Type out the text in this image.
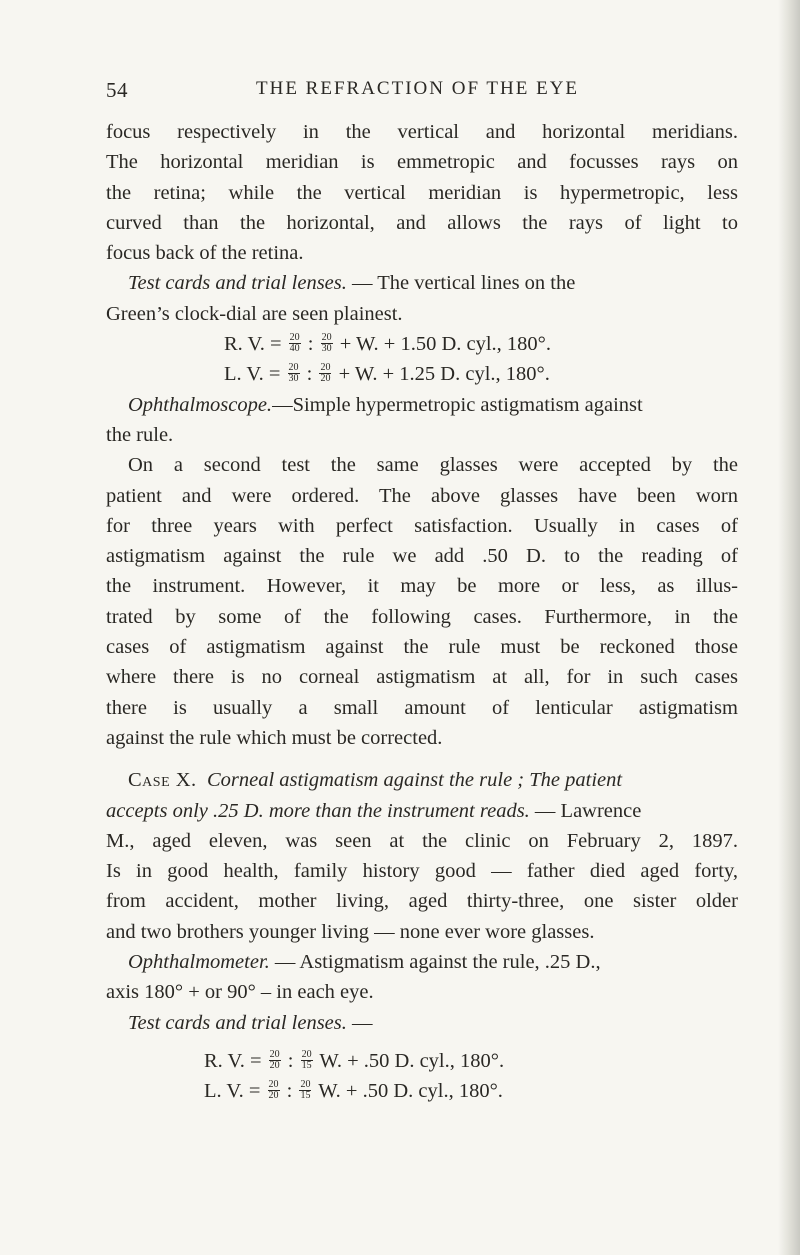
54	THE REFRACTION OF THE EYE
focus respectively in the vertical and horizontal meridians.
The horizontal meridian is emmetropic and focusses rays on
the retina; while the vertical meridian is hypermetropic, less
curved than the horizontal, and allows the rays of light to
focus back of the retina.
Test cards and trial lenses. — The vertical lines on the
Green’s clock-dial are seen plainest.
R. V. = $\frac{20}{40}$ : $\frac{20}{30} + W$. + 1.50 D. cyl., 180°.
L. V. = $\frac{20}{30}$ : $\frac{20}{20} + W$. + 1.25 D. cyl., 180°.
Ophthalmoscope.—Simple hypermetropic astigmatism against
the rule.
On a second test the same glasses were accepted by the
patient and were ordered. The above glasses have been worn
for three years with perfect satisfaction. Usually in cases of
astigmatism against the rule we add .50 D. to the reading of
the instrument. However, it may be more or less, as illus-
trated by some of the following cases. Furthermore, in the
cases of astigmatism against the rule must be reckoned those
where there is no corneal astigmatism at all, for in such cases
there is usually a small amount of lenticular astigmatism
against the rule which must be corrected.
Case X. Corneal astigmatism against the rule ; The patient
accepts only .25 D. more than the instrument reads. — Lawrence
M., aged eleven, was seen at the clinic on February 2, 1897.
Is in good health, family history good — father died aged forty,
from accident, mother living, aged thirty-three, one sister older
and two brothers younger living — none ever wore glasses.
Ophthalmometer. — Astigmatism against the rule, .25 D.,
axis 180° + or 90° – in each eye.
Test cards and trial lenses. —
R. V. = $\frac{20}{20}$ : $\frac{20}{15} W$. + .50 D. cyl., 180°.
L. V. = $\frac{20}{20}$ : $\frac{20}{15} W$. + .50 D. cyl., 180°.
